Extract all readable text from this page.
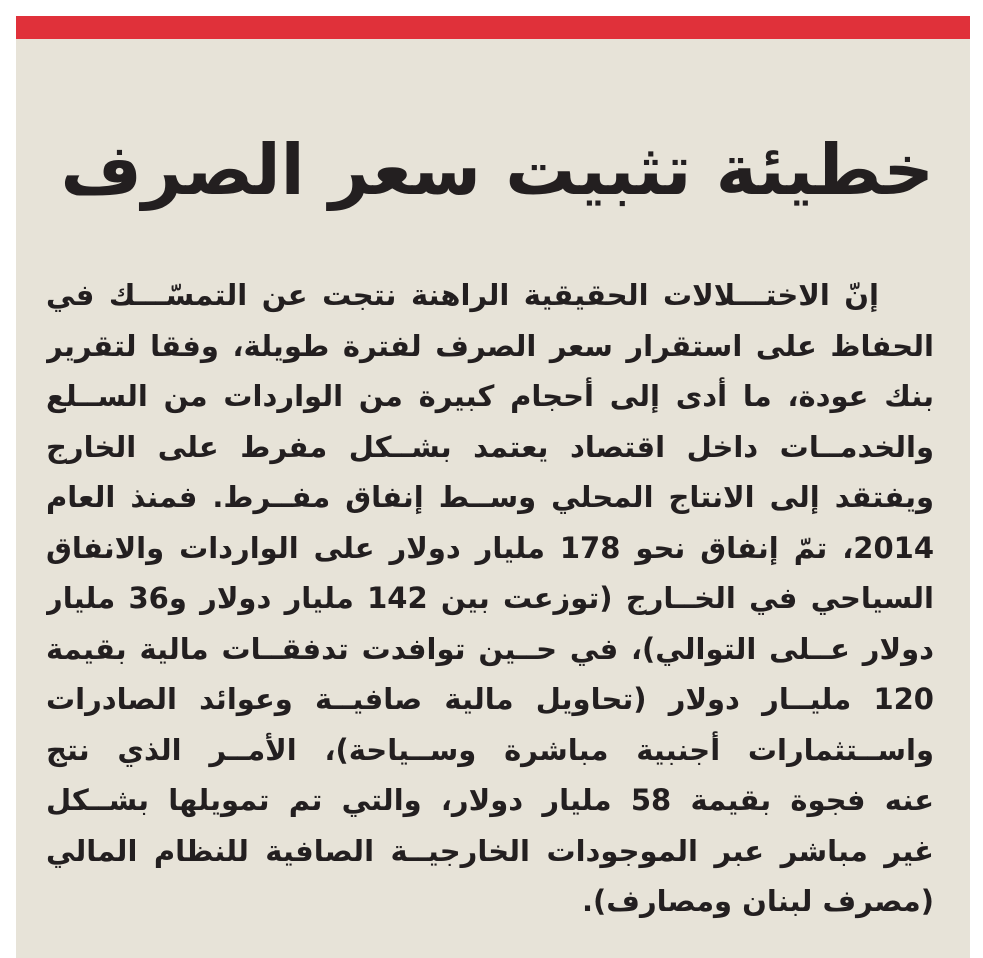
خطيئة تثبيت سعر الصرف
إنّ الاختـــلالات الحقيقية الراهنة نتجت عن التمسّـــك في
الحفاظ على استقرار سعر الصرف لفترة طويلة، وفقا لتقرير
بنك عودة، ما أدى إلى أحجام كبيرة من الواردات من الســلع
والخدمــات داخل اقتصاد يعتمد بشــكل مفرط على الخارج
ويفتقد إلى الانتاج المحلي وســط إنفاق مفــرط. فمنذ العام
2014، تمّ إنفاق نحو 178 مليار دولار على الواردات والانفاق
السياحي في الخــارج (توزعت بين 142 مليار دولار و36 مليار
دولار عــلى التوالي)، في حــين توافدت تدفقــات مالية بقيمة
120 مليــار دولار (تحاويل مالية صافيــة وعوائد الصادرات
واســتثمارات أجنبية مباشرة وســياحة)، الأمــر الذي نتج
عنه فجوة بقيمة 58 مليار دولار، والتي تم تمويلها بشــكل
غير مباشر عبر الموجودات الخارجيــة الصافية للنظام المالي
(مصرف لبنان ومصارف).
